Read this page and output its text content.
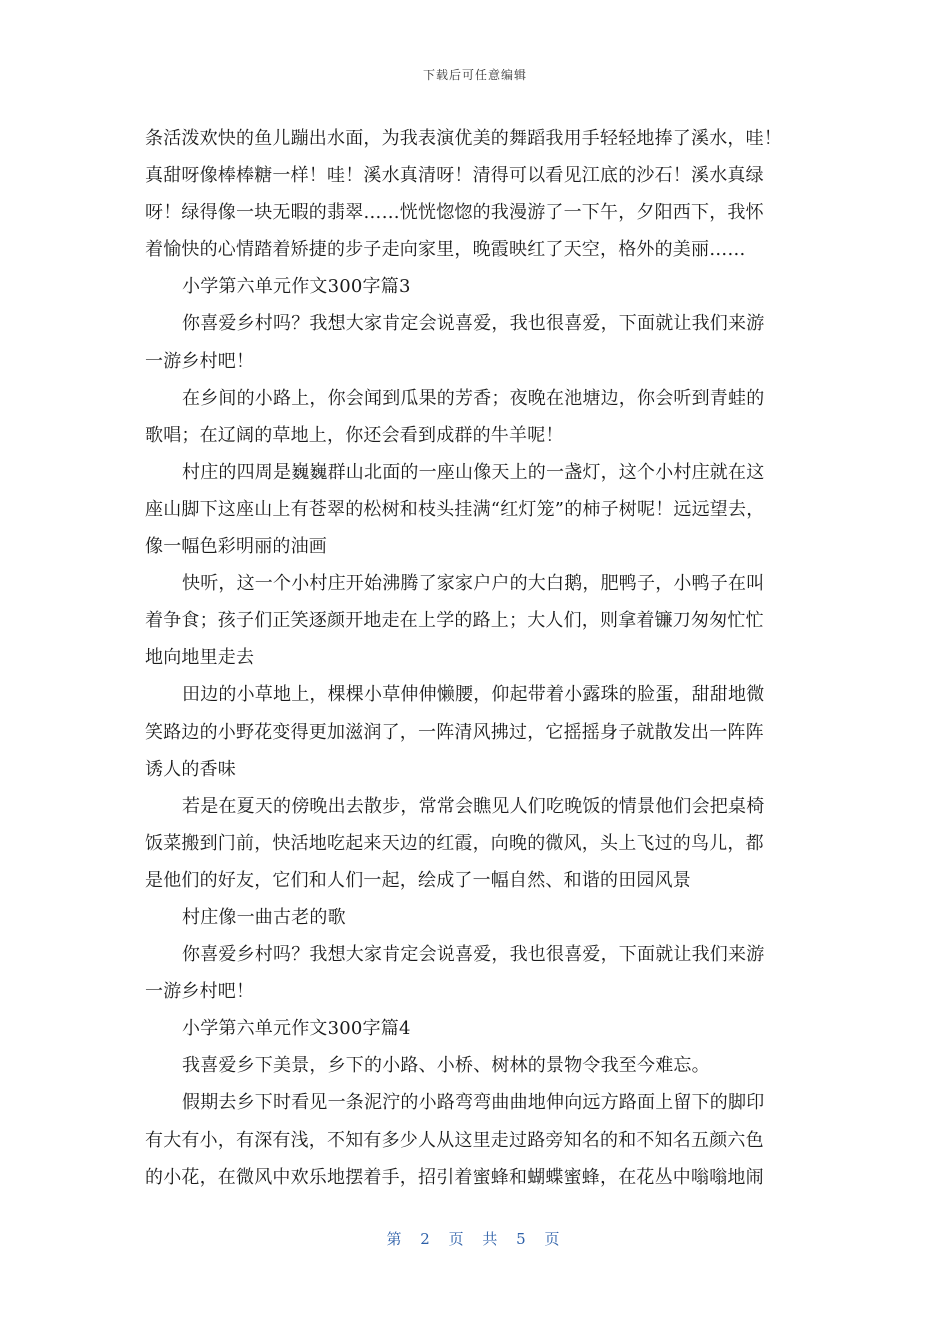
下载后可任意编辑
条活泼欢快的鱼儿蹦出水面，为我表演优美的舞蹈我用手轻轻地捧了溪水，哇！
真甜呀像棒棒糖一样！哇！溪水真清呀！清得可以看见江底的沙石！溪水真绿
呀！绿得像一块无暇的翡翠……恍恍惚惚的我漫游了一下午，夕阳西下，我怀
着愉快的心情踏着矫捷的步子走向家里，晚霞映红了天空，格外的美丽……
小学第六单元作文300字篇3
你喜爱乡村吗？我想大家肯定会说喜爱，我也很喜爱，下面就让我们来游
一游乡村吧！
在乡间的小路上，你会闻到瓜果的芳香；夜晚在池塘边，你会听到青蛙的
歌唱；在辽阔的草地上，你还会看到成群的牛羊呢！
村庄的四周是巍巍群山北面的一座山像天上的一盏灯，这个小村庄就在这
座山脚下这座山上有苍翠的松树和枝头挂满“红灯笼”的柿子树呢！远远望去，
像一幅色彩明丽的油画
快听，这一个小村庄开始沸腾了家家户户的大白鹅，肥鸭子，小鸭子在叫
着争食；孩子们正笑逐颜开地走在上学的路上；大人们，则拿着镰刀匆匆忙忙
地向地里走去
田边的小草地上，棵棵小草伸伸懒腰，仰起带着小露珠的脸蛋，甜甜地微
笑路边的小野花变得更加滋润了，一阵清风拂过，它摇摇身子就散发出一阵阵
诱人的香味
若是在夏天的傍晚出去散步，常常会瞧见人们吃晚饭的情景他们会把桌椅
饭菜搬到门前，快活地吃起来天边的红霞，向晚的微风，头上飞过的鸟儿，都
是他们的好友，它们和人们一起，绘成了一幅自然、和谐的田园风景
村庄像一曲古老的歌
你喜爱乡村吗？我想大家肯定会说喜爱，我也很喜爱，下面就让我们来游
一游乡村吧！
小学第六单元作文300字篇4
我喜爱乡下美景，乡下的小路、小桥、树林的景物令我至今难忘。
假期去乡下时看见一条泥泞的小路弯弯曲曲地伸向远方路面上留下的脚印
有大有小，有深有浅，不知有多少人从这里走过路旁知名的和不知名五颜六色
的小花，在微风中欢乐地摆着手，招引着蜜蜂和蝴蝶蜜蜂，在花丛中嗡嗡地闹
第 2 页 共 5 页
